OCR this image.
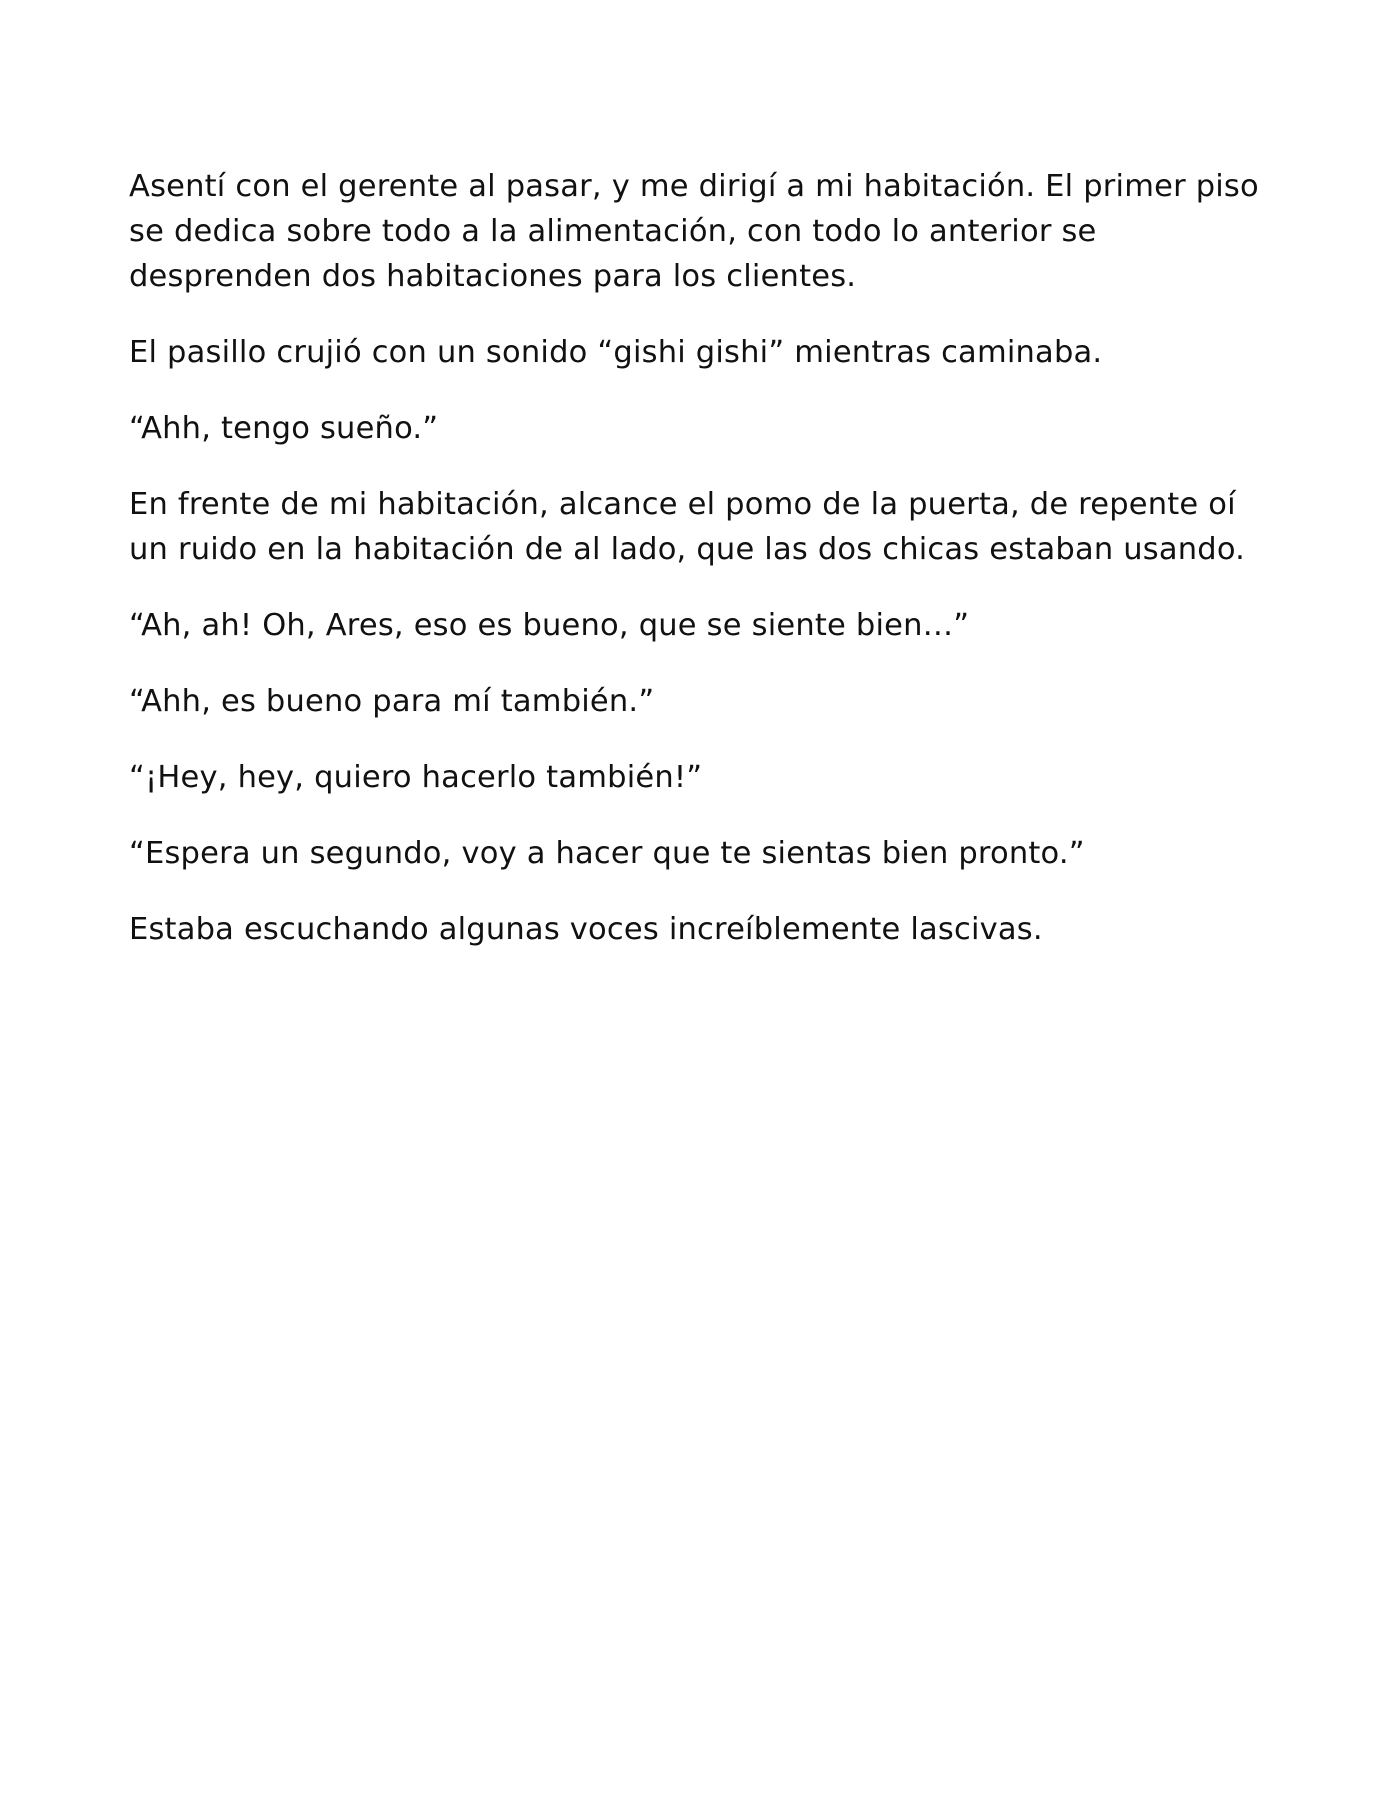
Asentí con el gerente al pasar, y me dirigí a mi habitación. El primer piso se dedica sobre todo a la alimentación, con todo lo anterior se desprenden dos habitaciones para los clientes.

El pasillo crujió con un sonido “gishi gishi” mientras caminaba.

“Ahh, tengo sueño.”

En frente de mi habitación, alcance el pomo de la puerta, de repente oí un ruido en la habitación de al lado, que las dos chicas estaban usando.

“Ah, ah! Oh, Ares, eso es bueno, que se siente bien…”

“Ahh, es bueno para mí también.”

“¡Hey, hey, quiero hacerlo también!”

“Espera un segundo, voy a hacer que te sientas bien pronto.”

Estaba escuchando algunas voces increíblemente lascivas.
